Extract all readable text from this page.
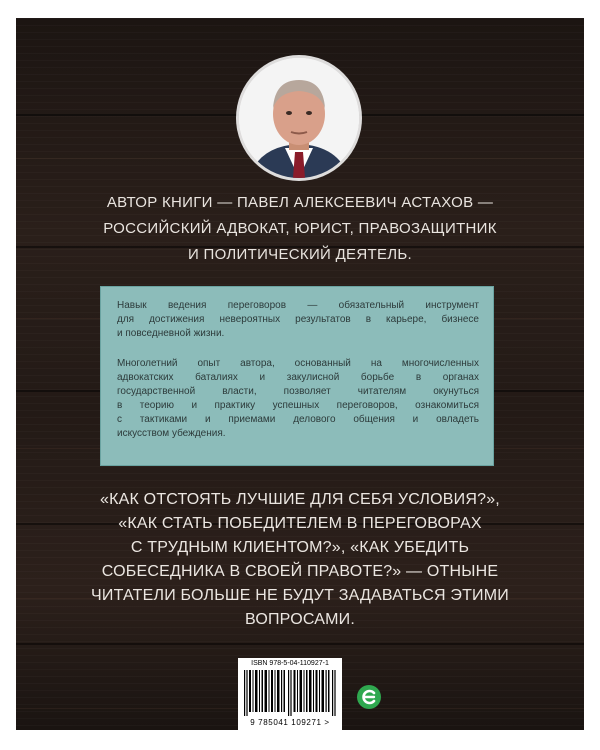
АВТОР КНИГИ — ПАВЕЛ АЛЕКСЕЕВИЧ АСТАХОВ —
РОССИЙСКИЙ АДВОКАТ, ЮРИСТ, ПРАВОЗАЩИТНИК
И ПОЛИТИЧЕСКИЙ ДЕЯТЕЛЬ.
Навык ведения переговоров — обязательный инструмент
для достижения невероятных результатов в карьере, бизнесе
и повседневной жизни.
Многолетний опыт автора, основанный на многочисленных
адвокатских баталиях и закулисной борьбе в органах
государственной власти, позволяет читателям окунуться
в теорию и практику успешных переговоров, ознакомиться
с тактиками и приемами делового общения и овладеть
искусством убеждения.
«КАК ОТСТОЯТЬ ЛУЧШИЕ ДЛЯ СЕБЯ УСЛОВИЯ?»,
«КАК СТАТЬ ПОБЕДИТЕЛЕМ В ПЕРЕГОВОРАХ
С ТРУДНЫМ КЛИЕНТОМ?», «КАК УБЕДИТЬ
СОБЕСЕДНИКА В СВОЕЙ ПРАВОТЕ?» — ОТНЫНЕ
ЧИТАТЕЛИ БОЛЬШЕ НЕ БУДУТ ЗАДАВАТЬСЯ ЭТИМИ
ВОПРОСАМИ.
ISBN 978-5-04-110927-1
9 785041 109271 >
